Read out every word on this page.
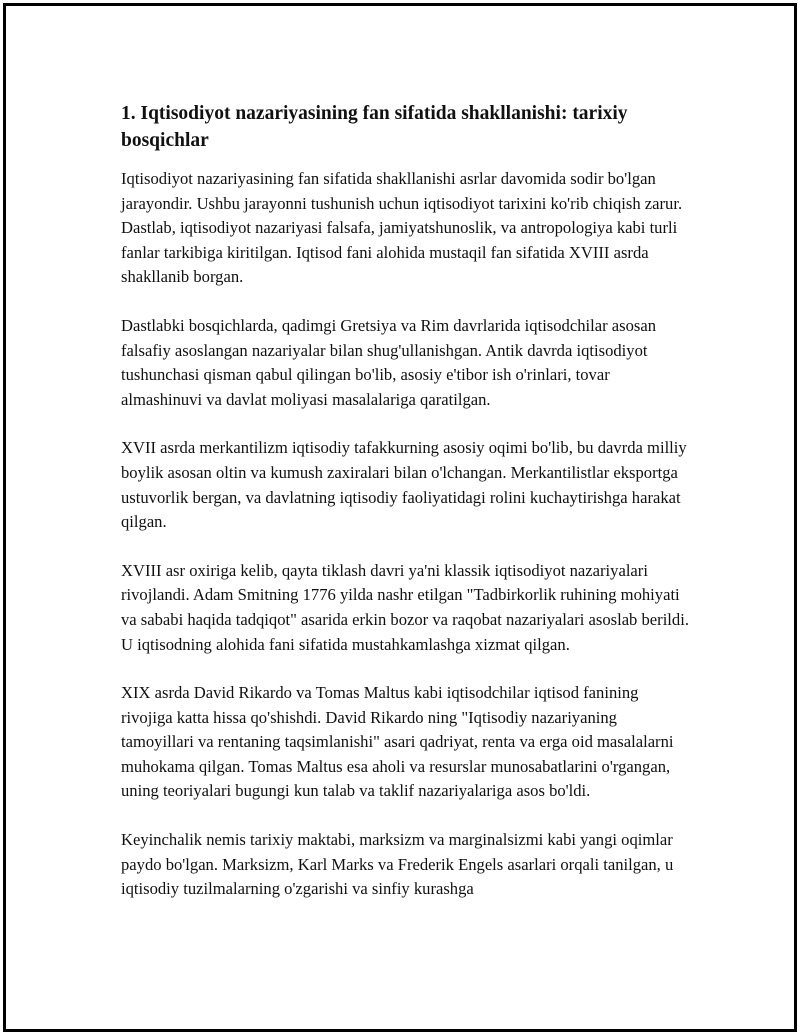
1. Iqtisodiyot nazariyasining fan sifatida shakllanishi: tarixiy bosqichlar

Iqtisodiyot nazariyasining fan sifatida shakllanishi asrlar davomida sodir bo'lgan jarayondir. Ushbu jarayonni tushunish uchun iqtisodiyot tarixini ko'rib chiqish zarur. Dastlab, iqtisodiyot nazariyasi falsafa, jamiyatshunoslik, va antropologiya kabi turli fanlar tarkibiga kiritilgan. Iqtisod fani alohida mustaqil fan sifatida XVIII asrda shakllanib borgan.

Dastlabki bosqichlarda, qadimgi Gretsiya va Rim davrlarida iqtisodchilar asosan falsafiy asoslangan nazariyalar bilan shug'ullanishgan. Antik davrda iqtisodiyot tushunchasi qisman qabul qilingan bo'lib, asosiy e'tibor ish o'rinlari, tovar almashinuvi va davlat moliyasi masalalariga qaratilgan.

XVII asrda merkantilizm iqtisodiy tafakkurning asosiy oqimi bo'lib, bu davrda milliy boylik asosan oltin va kumush zaxiralari bilan o'lchangan. Merkantilistlar eksportga ustuvorlik bergan, va davlatning iqtisodiy faoliyatidagi rolini kuchaytirishga harakat qilgan.

XVIII asr oxiriga kelib, qayta tiklash davri ya'ni klassik iqtisodiyot nazariyalari rivojlandi. Adam Smitning 1776 yilda nashr etilgan "Tadbirkorlik ruhining mohiyati va sababi haqida tadqiqot" asarida erkin bozor va raqobat nazariyalari asoslab berildi. U iqtisodning alohida fani sifatida mustahkamlashga xizmat qilgan.

XIX asrda David Rikardo va Tomas Maltus kabi iqtisodchilar iqtisod fanining rivojiga katta hissa qo'shishdi. David Rikardo ning "Iqtisodiy nazariyaning tamoyillari va rentaning taqsimlanishi" asari qadriyat, renta va erga oid masalalarni muhokama qilgan. Tomas Maltus esa aholi va resurslar munosabatlarini o'rgangan, uning teoriyalari bugungi kun talab va taklif nazariyalariga asos bo'ldi.

Keyinchalik nemis tarixiy maktabi, marksizm va marginalsizmi kabi yangi oqimlar paydo bo'lgan. Marksizm, Karl Marks va Frederik Engels asarlari orqali tanilgan, u iqtisodiy tuzilmalarning o'zgarishi va sinfiy kurashga
